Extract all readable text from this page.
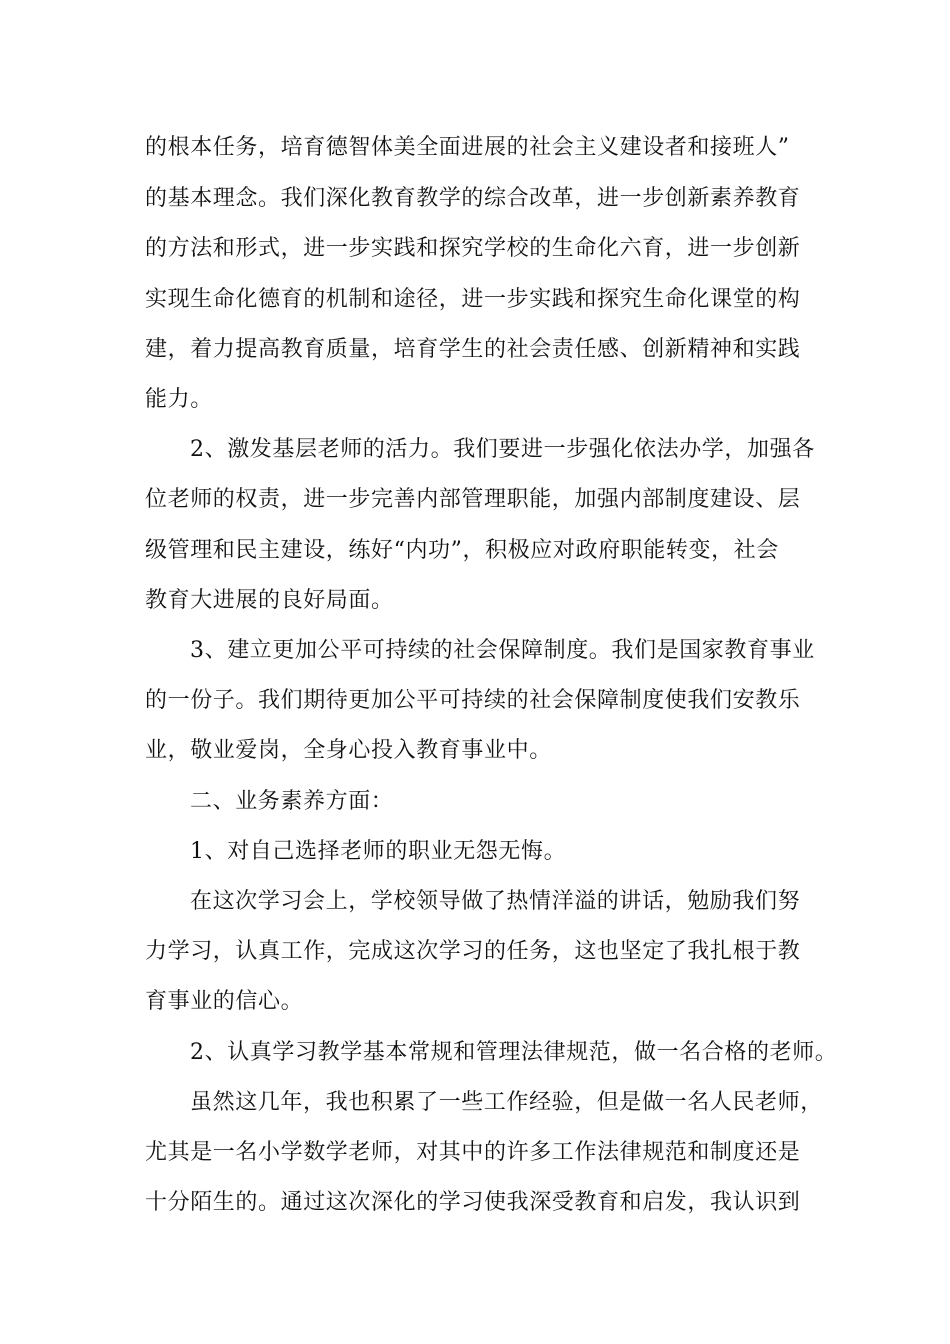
的根本任务，培育德智体美全面进展的社会主义建设者和接班人”
的基本理念。我们深化教育教学的综合改革，进一步创新素养教育
的方法和形式，进一步实践和探究学校的生命化六育，进一步创新
实现生命化德育的机制和途径，进一步实践和探究生命化课堂的构
建，着力提高教育质量，培育学生的社会责任感、创新精神和实践
能力。
2、激发基层老师的活力。我们要进一步强化依法办学，加强各
位老师的权责，进一步完善内部管理职能，加强内部制度建设、层
级管理和民主建设，练好“内功”，积极应对政府职能转变，社会
教育大进展的良好局面。
3、建立更加公平可持续的社会保障制度。我们是国家教育事业
的一份子。我们期待更加公平可持续的社会保障制度使我们安教乐
业，敬业爱岗，全身心投入教育事业中。
二、业务素养方面：
1、对自己选择老师的职业无怨无悔。
在这次学习会上，学校领导做了热情洋溢的讲话，勉励我们努
力学习，认真工作，完成这次学习的任务，这也坚定了我扎根于教
育事业的信心。
2、认真学习教学基本常规和管理法律规范，做一名合格的老师。
虽然这几年，我也积累了一些工作经验，但是做一名人民老师，
尤其是一名小学数学老师，对其中的许多工作法律规范和制度还是
十分陌生的。通过这次深化的学习使我深受教育和启发，我认识到
